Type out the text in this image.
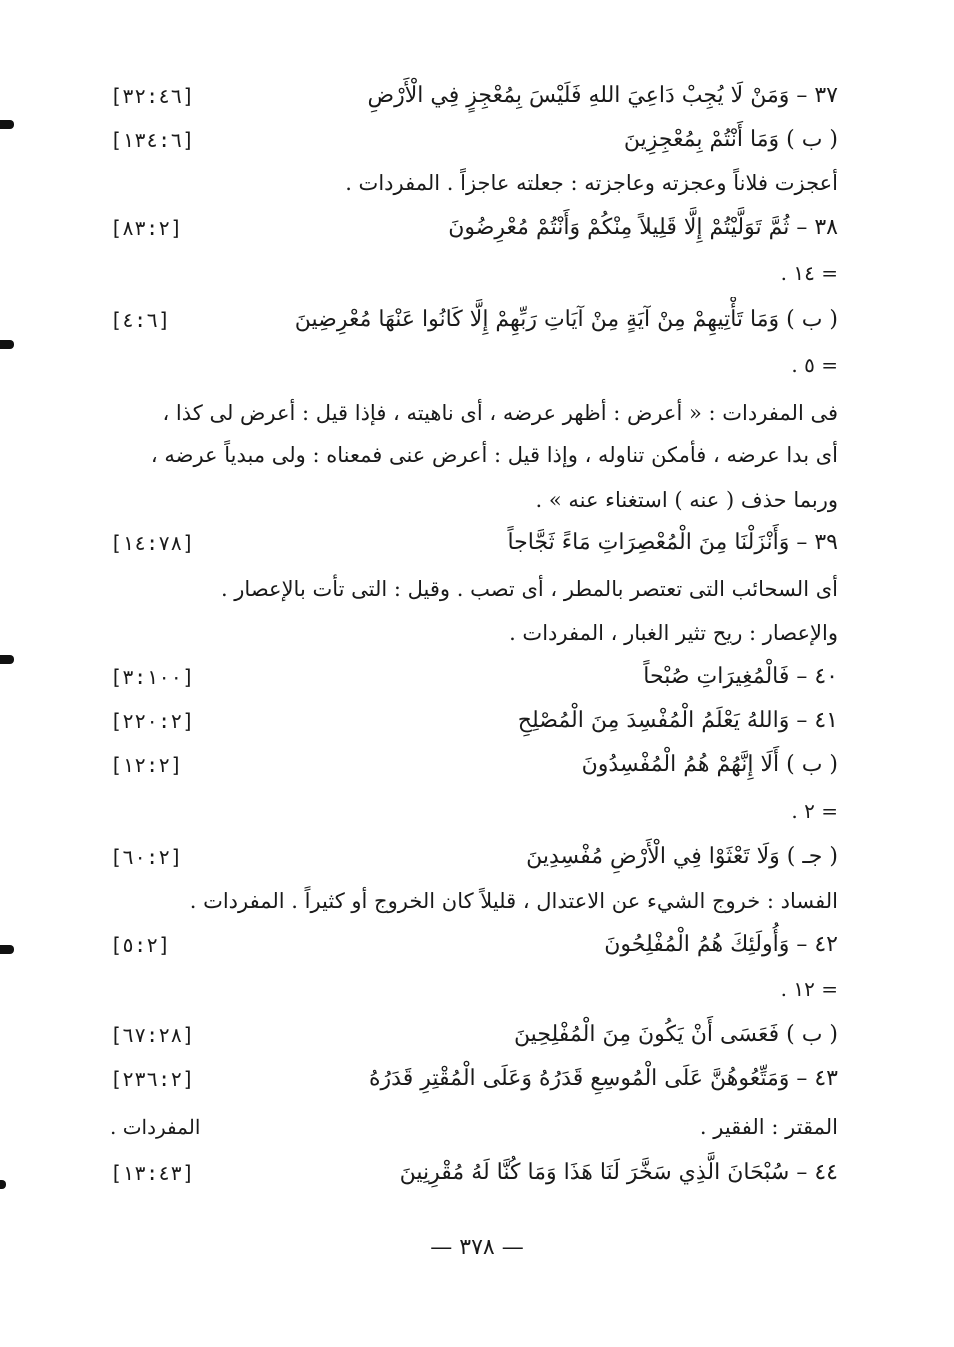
٣٧ – وَمَنْ لَا يُجِبْ دَاعِيَ اللهِ فَلَيْسَ بِمُعْجِزٍ فِي الْأَرْضِ
[٣٢:٤٦]
( ب ) وَمَا أَنْتُمْ بِمُعْجِزِينَ
[١٣٤:٦]
أعجزت فلاناً وعجزته وعاجزته : جعلته عاجزاً . المفردات .
٣٨ – ثُمَّ تَوَلَّيْتُمْ إِلَّا قَلِيلاً مِنْكُمْ وَأَنْتُمْ مُعْرِضُونَ
[٨٣:٢]
= ١٤ .
( ب ) وَمَا تَأْتِيهِمْ مِنْ آيَةٍ مِنْ آيَاتِ رَبِّهِمْ إِلَّا كَانُوا عَنْهَا مُعْرِضِينَ
[٤:٦]
= ٥ .
فى المفردات : « أعرض : أظهر عرضه ، أى ناهيته ، فإذا قيل : أعرض لى كذا ،
أى بدا عرضه ، فأمكن تناوله ، وإذا قيل : أعرض عنى فمعناه : ولى مبدياً عرضه ،
وربما حذف ( عنه ) استغناء عنه » .
٣٩ – وَأَنْزَلْنَا مِنَ الْمُعْصِرَاتِ مَاءً ثَجَّاجاً
[١٤:٧٨]
أى السحائب التى تعتصر بالمطر ، أى تصب . وقيل : التى تأت بالإعصار .
والإعصار : ريح تثير الغبار ، المفردات .
٤٠ – فَالْمُغِيرَاتِ صُبْحاً
[٣:١٠٠]
٤١ – وَاللهُ يَعْلَمُ الْمُفْسِدَ مِنَ الْمُصْلِحِ
[٢٢٠:٢]
( ب ) أَلَا إِنَّهُمْ هُمُ الْمُفْسِدُونَ
[١٢:٢]
= ٢ .
( جـ ) وَلَا تَعْثَوْا فِي الْأَرْضِ مُفْسِدِينَ
[٦٠:٢]
الفساد : خروج الشيء عن الاعتدال ، قليلاً كان الخروج أو كثيراً . المفردات .
٤٢ – وَأُولَئِكَ هُمُ الْمُفْلِحُونَ
[٥:٢]
= ١٢ .
( ب ) فَعَسَى أَنْ يَكُونَ مِنَ الْمُفْلِحِينَ
[٦٧:٢٨]
٤٣ – وَمَتِّعُوهُنَّ عَلَى الْمُوسِعِ قَدَرُهُ وَعَلَى الْمُقْتِرِ قَدَرُهُ
[٢٣٦:٢]
المقتر : الفقير .
المفردات .
٤٤ – سُبْحَانَ الَّذِي سَخَّرَ لَنَا هَذَا وَمَا كُنَّا لَهُ مُقْرِنِينَ
[١٣:٤٣]
— ٣٧٨ —
